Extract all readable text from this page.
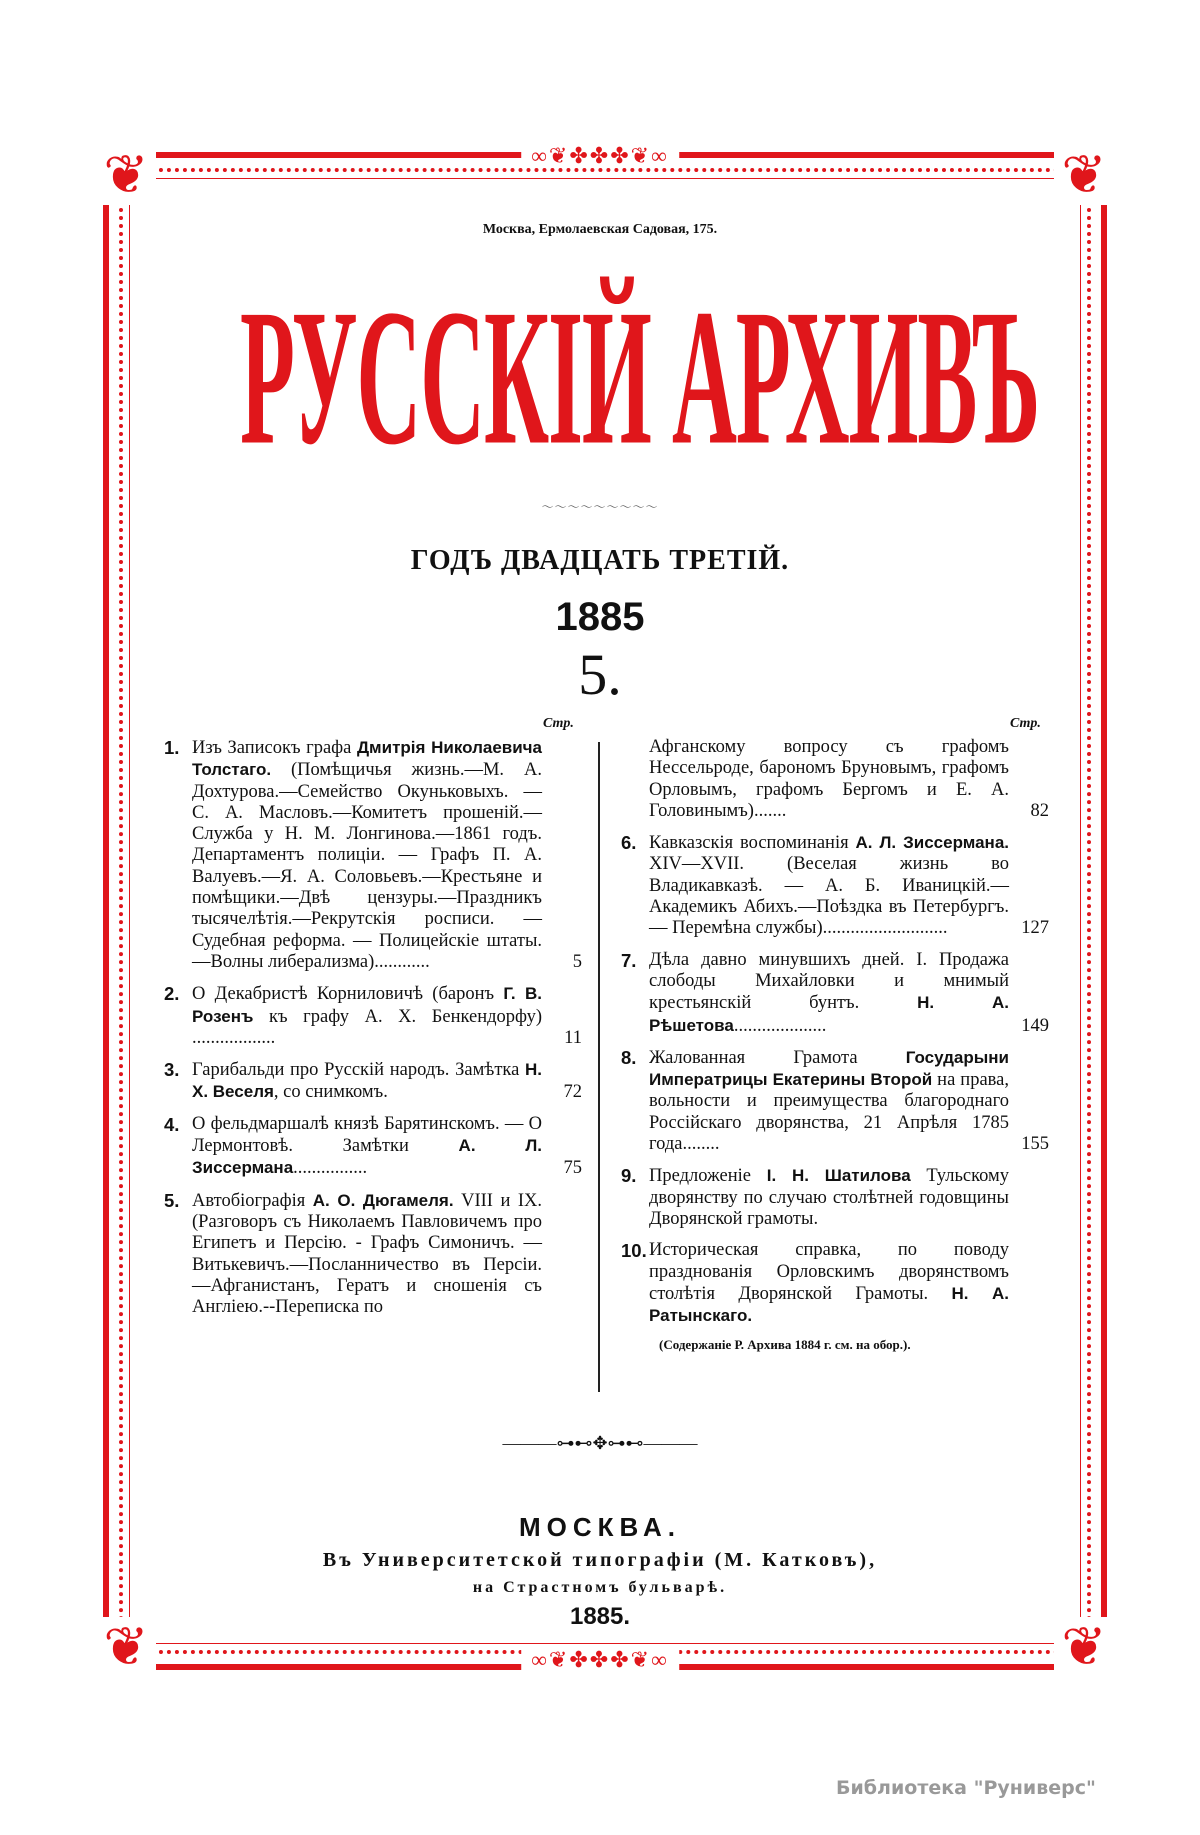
❦	❦
❦	❦
∞❦✤✤✤❦∞
∞❦✤✤✤❦∞
Москва, Ермолаевская Садовая, 175.
РУССКІЙ АРХИВЪ
～～～～～～～～～
ГОДЪ ДВАДЦАТЬ ТРЕТІЙ.
1885
5.
Стр.	Стр.
1. Изъ Записокъ графа Дмитрія Николаевича Толстаго. (Помѣщичья жизнь.—М. А. Дохтурова.—Семейство Окуньковыхъ. — С. А. Масловъ.—Комитетъ прошеній.—Служба у Н. М. Лонгинова.—1861 годъ. Департаментъ полиціи. — Графъ П. А. Валуевъ.—Я. А. Соловьевъ.—Крестьяне и помѣщики.—Двѣ цензуры.—Праздникъ тысячелѣтія.—Рекрутскія росписи. — Судебная реформа. — Полицейскіе штаты.—Волны либерализма)............	5
2. О Декабристѣ Корниловичѣ (баронъ Г. В. Розенъ къ графу А. Х. Бенкендорфу) ..................	11
3. Гарибальди про Русскій народъ. Замѣтка Н. Х. Веселя, со снимкомъ.	72
4. О фельдмаршалѣ князѣ Барятинскомъ. — О Лермонтовѣ. Замѣтки А. Л. Зиссермана................	75
5. Автобіографія А. О. Дюгамеля. VIII и IX. (Разговоръ съ Николаемъ Павловичемъ про Египетъ и Персію. - Графъ Симоничъ. — Витькевичъ.—Посланничество въ Персіи.—Афганистанъ, Гератъ и сношенія съ Англіею.--Переписка по
Афганскому вопросу съ графомъ Нессельроде, барономъ Бруновымъ, графомъ Орловымъ, графомъ Бергомъ и Е. А. Головинымъ).......	82
6. Кавказскія воспоминанія А. Л. Зиссермана. XIV—XVII. (Веселая жизнь во Владикавказѣ. — А. Б. Иваницкій.—Академикъ Абихъ.—Поѣздка въ Петербургъ. — Перемѣна службы)...........................	127
7. Дѣла давно минувшихъ дней. I. Продажа слободы Михайловки и мнимый крестьянскій бунтъ. Н. А. Рѣшетова....................	149
8. Жалованная Грамота Государыни Императрицы Екатерины Второй на права, вольности и преимущества благороднаго Россійскаго дворянства, 21 Апрѣля 1785 года........	155
9. Предложеніе I. Н. Шатилова Тульскому дворянству по случаю столѣтней годовщины Дворянской грамоты.
10. Историческая справка, по поводу празднованія Орловскимъ дворянствомъ столѣтія Дворянской Грамоты. Н. А. Ратынскаго.
(Содержаніе Р. Архива 1884 г. см. на обор.).
———⊶⊷✥⊶⊷———
МОСКВА.
Въ Университетской типографіи (М. Катковъ),
на Страстномъ бульварѣ.
1885.
Библиотека "Руниверс"
